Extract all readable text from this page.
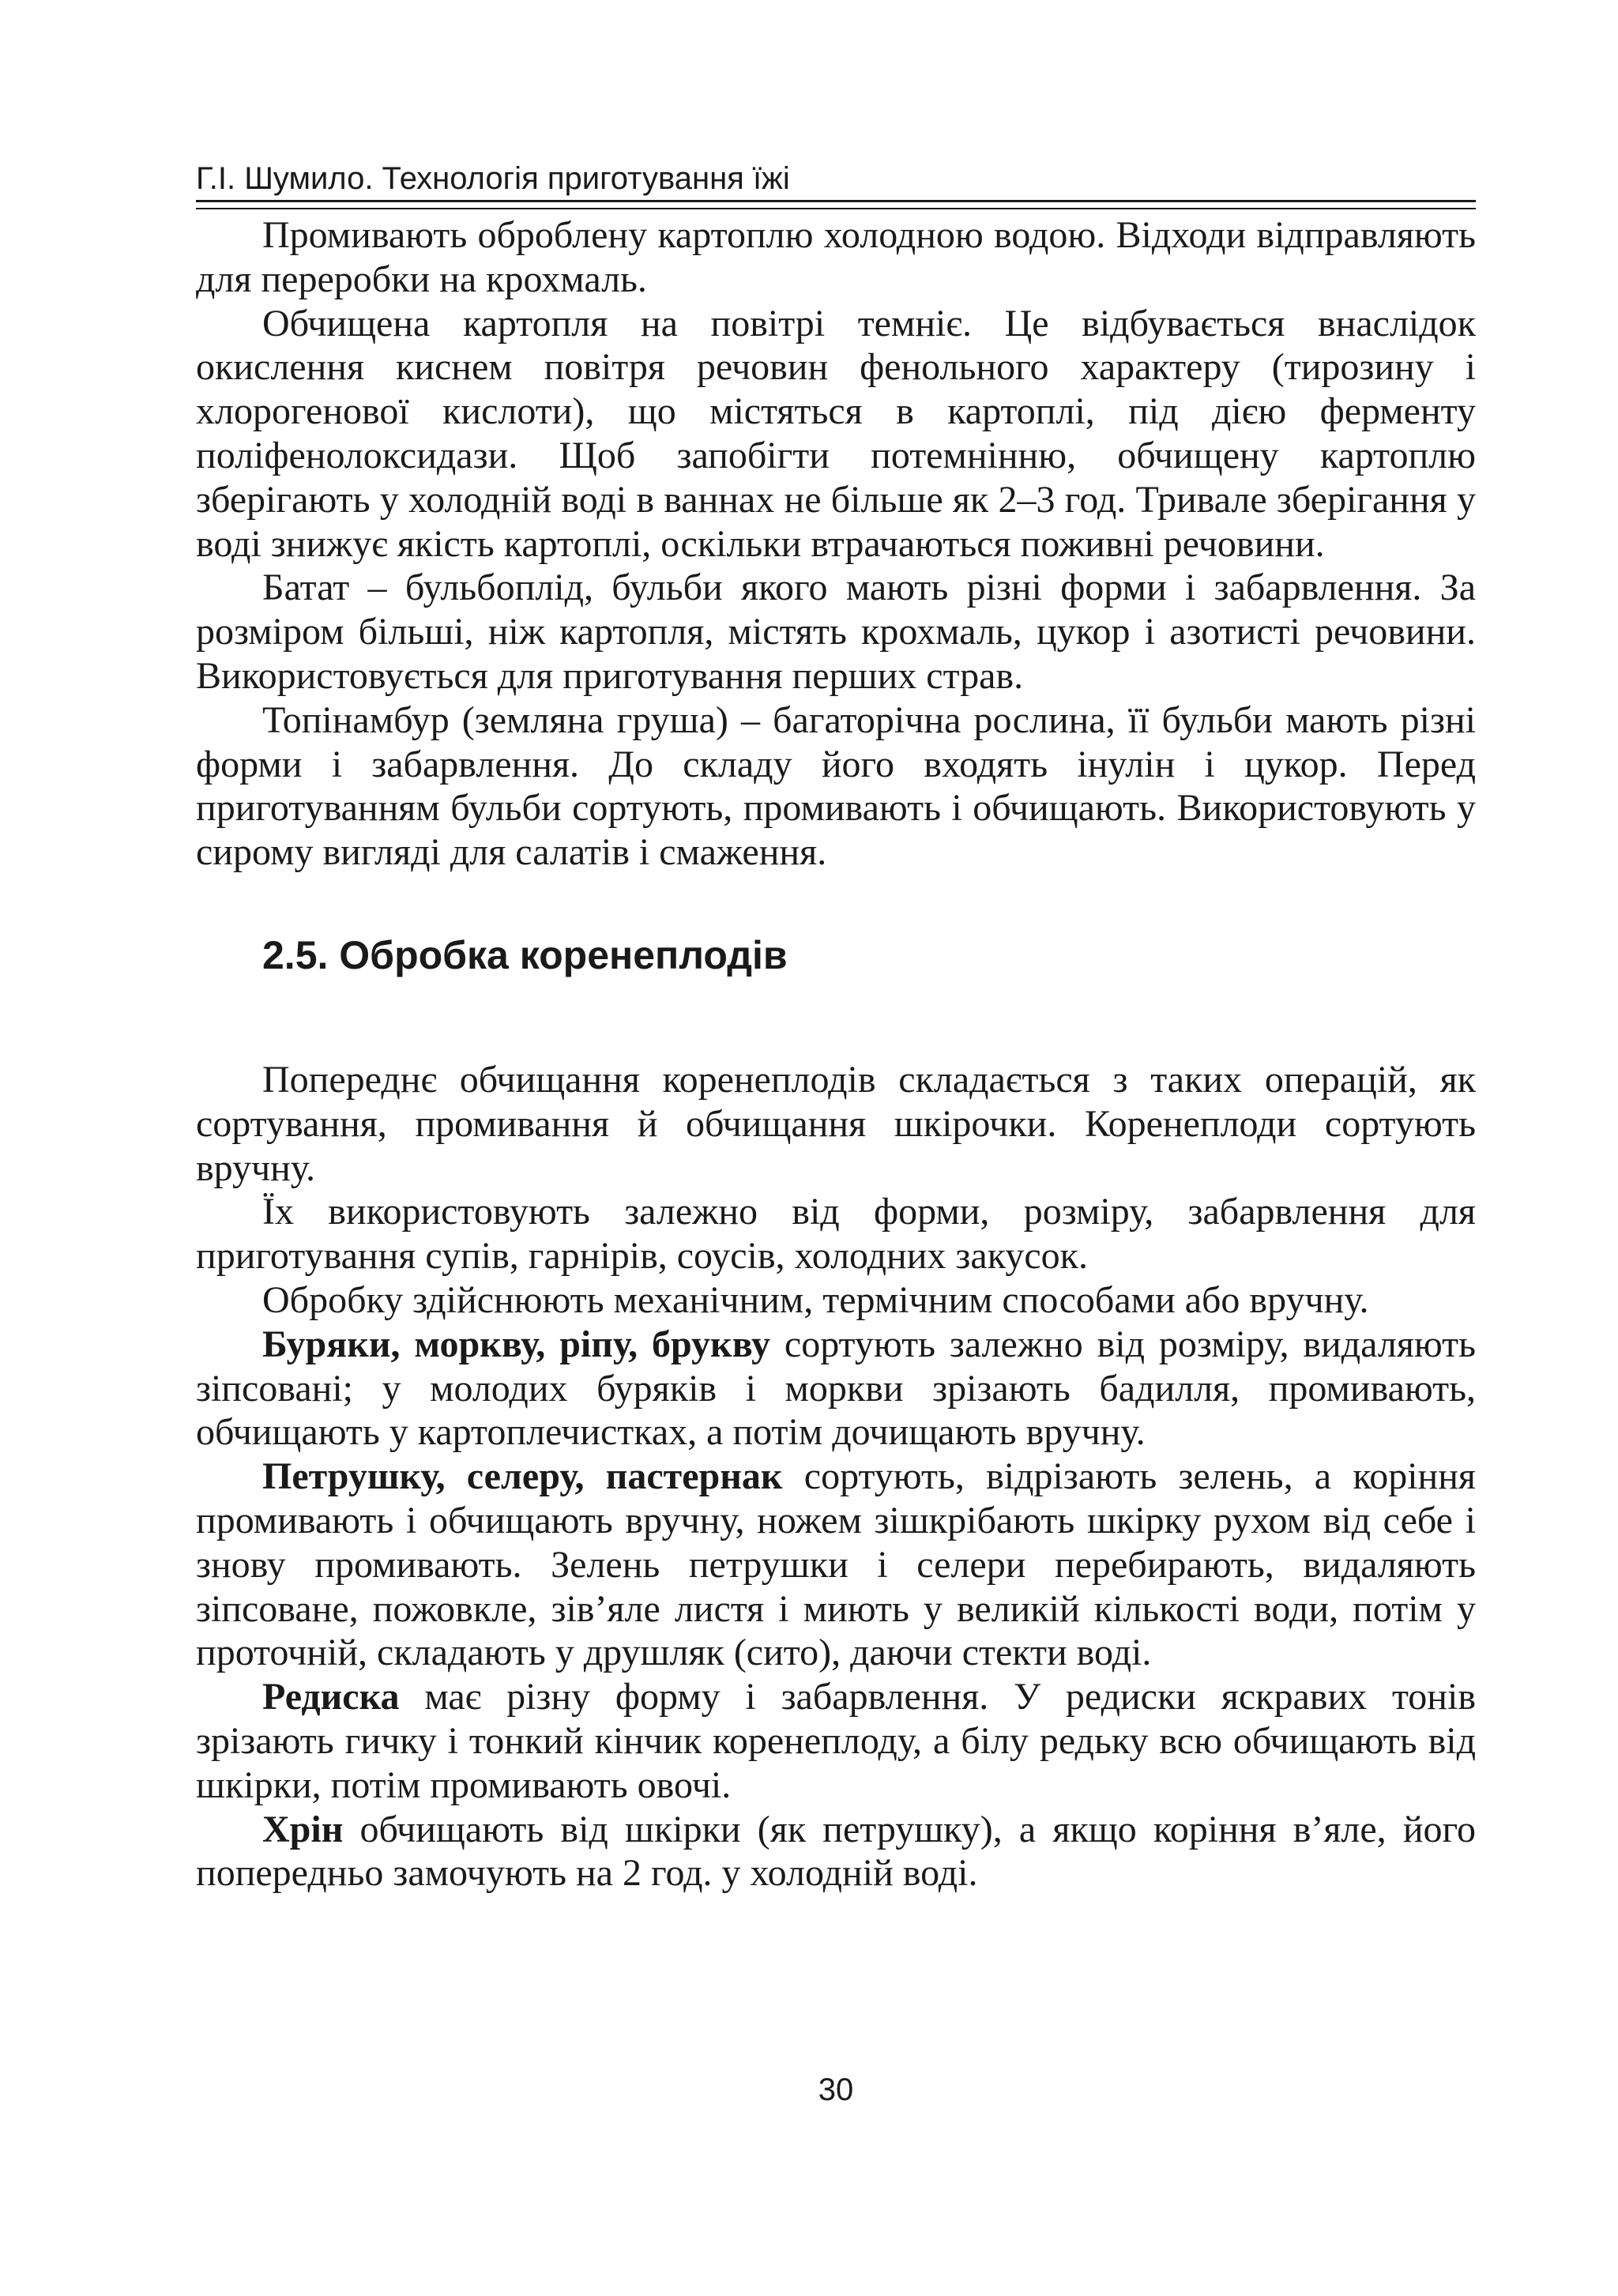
Г.І. Шумило. Технологія приготування їжі

Промивають оброблену картоплю холодною водою. Відходи відправляють для переробки на крохмаль.

Обчищена картопля на повітрі темніє. Це відбувається внаслідок окислення киснем повітря речовин фенольного характеру (тирозину і хлорогенової кислоти), що містяться в картоплі, під дією ферменту поліфенолоксидази. Щоб запобігти потемнінню, обчищену картоплю зберігають у холодній воді в ваннах не більше як 2–3 год. Тривале зберігання у воді знижує якість картоплі, оскільки втрачаються поживні речовини.

Батат – бульбоплід, бульби якого мають різні форми і забарвлення. За розміром більші, ніж картопля, містять крохмаль, цукор і азотисті речовини. Використовується для приготування перших страв.

Топінамбур (земляна груша) – багаторічна рослина, її бульби мають різні форми і забарвлення. До складу його входять інулін і цукор. Перед приготуванням бульби сортують, промивають і обчищають. Використовують у сирому вигляді для салатів і смаження.

2.5. Обробка коренеплодів

Попереднє обчищання коренеплодів складається з таких операцій, як сортування, промивання й обчищання шкірочки. Коренеплоди сортують вручну.

Їх використовують залежно від форми, розміру, забарвлення для приготування супів, гарнірів, соусів, холодних закусок.

Обробку здійснюють механічним, термічним способами або вручну.

Буряки, моркву, ріпу, брукву сортують залежно від розміру, видаляють зіпсовані; у молодих буряків і моркви зрізають бадилля, промивають, обчищають у картоплечистках, а потім дочищають вручну.

Петрушку, селеру, пастернак сортують, відрізають зелень, а коріння промивають і обчищають вручну, ножем зішкрібають шкірку рухом від себе і знову промивають. Зелень петрушки і селери перебирають, видаляють зіпсоване, пожовкле, зів’яле листя і миють у великій кількості води, потім у проточній, складають у друшляк (сито), даючи стекти воді.

Редиска має різну форму і забарвлення. У редиски яскравих тонів зрізають гичку і тонкий кінчик коренеплоду, а білу редьку всю обчищають від шкірки, потім промивають овочі.

Хрін обчищають від шкірки (як петрушку), а якщо коріння в’яле, його попередньо замочують на 2 год. у холодній воді.

30
